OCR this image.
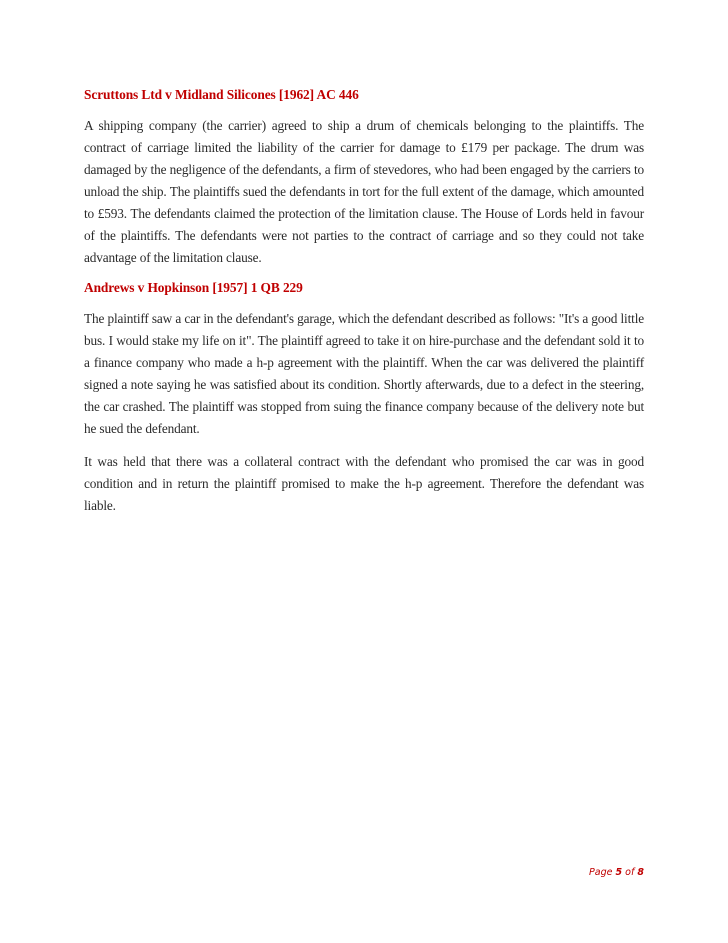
Scruttons Ltd v Midland Silicones [1962] AC 446

A shipping company (the carrier) agreed to ship a drum of chemicals belonging to the plaintiffs. The contract of carriage limited the liability of the carrier for damage to £179 per package. The drum was damaged by the negligence of the defendants, a firm of stevedores, who had been engaged by the carriers to unload the ship. The plaintiffs sued the defendants in tort for the full extent of the damage, which amounted to £593. The defendants claimed the protection of the limitation clause. The House of Lords held in favour of the plaintiffs. The defendants were not parties to the contract of carriage and so they could not take advantage of the limitation clause.

Andrews v Hopkinson [1957] 1 QB 229

The plaintiff saw a car in the defendant's garage, which the defendant described as follows: "It's a good little bus. I would stake my life on it". The plaintiff agreed to take it on hire-purchase and the defendant sold it to a finance company who made a h-p agreement with the plaintiff. When the car was delivered the plaintiff signed a note saying he was satisfied about its condition. Shortly afterwards, due to a defect in the steering, the car crashed. The plaintiff was stopped from suing the finance company because of the delivery note but he sued the defendant.

It was held that there was a collateral contract with the defendant who promised the car was in good condition and in return the plaintiff promised to make the h-p agreement. Therefore the defendant was liable.

Page 5 of 8
